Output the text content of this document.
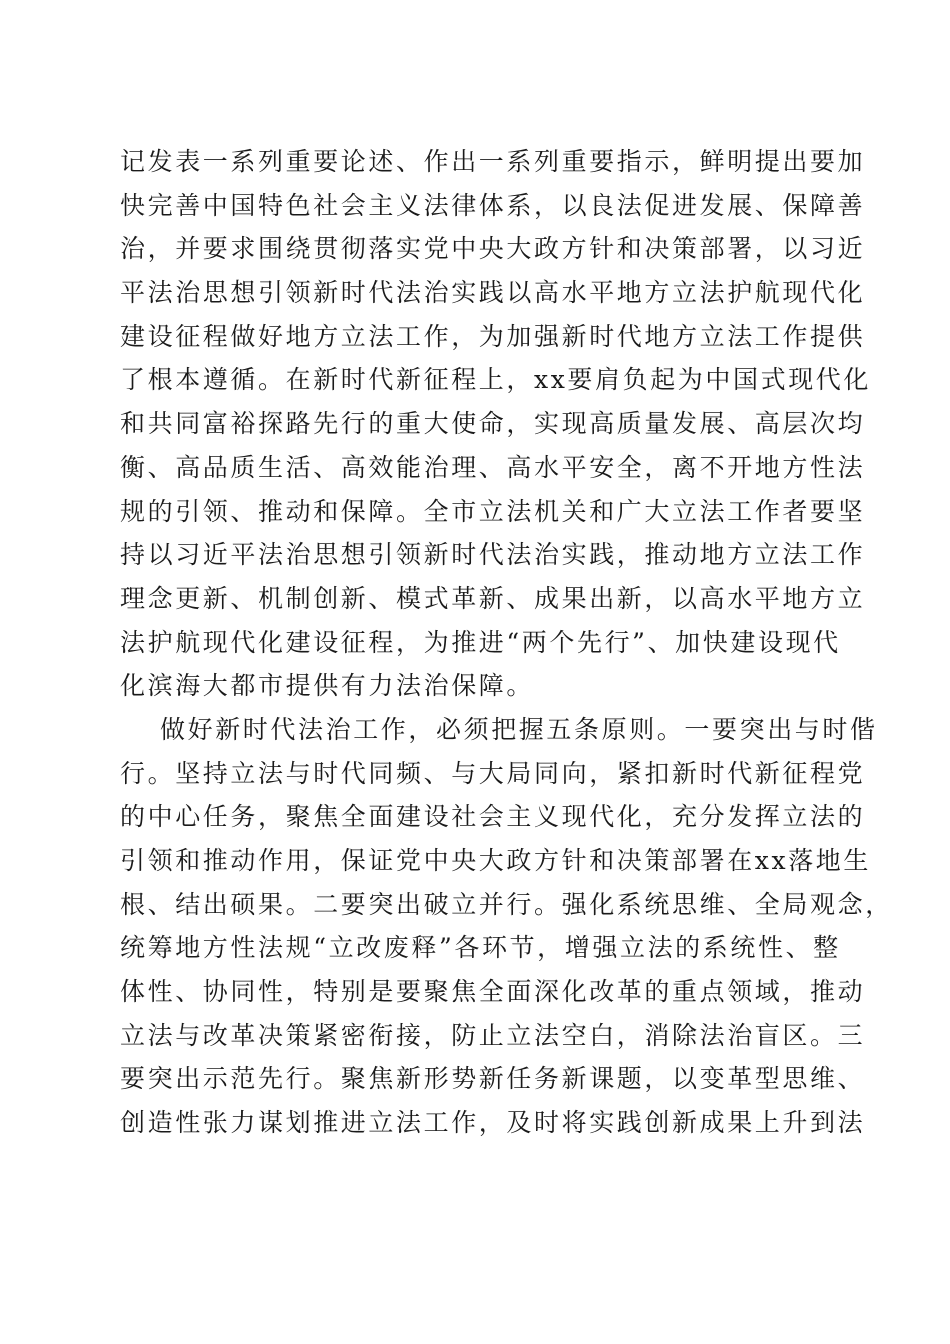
记发表一系列重要论述、作出一系列重要指示，鲜明提出要加
快完善中国特色社会主义法律体系，以良法促进发展、保障善
治，并要求围绕贯彻落实党中央大政方针和决策部署，以习近
平法治思想引领新时代法治实践以高水平地方立法护航现代化
建设征程做好地方立法工作，为加强新时代地方立法工作提供
了根本遵循。在新时代新征程上，xx要肩负起为中国式现代化
和共同富裕探路先行的重大使命，实现高质量发展、高层次均
衡、高品质生活、高效能治理、高水平安全，离不开地方性法
规的引领、推动和保障。全市立法机关和广大立法工作者要坚
持以习近平法治思想引领新时代法治实践，推动地方立法工作
理念更新、机制创新、模式革新、成果出新，以高水平地方立
法护航现代化建设征程，为推进“两个先行”、加快建设现代
化滨海大都市提供有力法治保障。
做好新时代法治工作，必须把握五条原则。一要突出与时偕
行。坚持立法与时代同频、与大局同向，紧扣新时代新征程党
的中心任务，聚焦全面建设社会主义现代化，充分发挥立法的
引领和推动作用，保证党中央大政方针和决策部署在xx落地生
根、结出硕果。二要突出破立并行。强化系统思维、全局观念，
统筹地方性法规“立改废释”各环节，增强立法的系统性、整
体性、协同性，特别是要聚焦全面深化改革的重点领域，推动
立法与改革决策紧密衔接，防止立法空白，消除法治盲区。三
要突出示范先行。聚焦新形势新任务新课题，以变革型思维、
创造性张力谋划推进立法工作，及时将实践创新成果上升到法
